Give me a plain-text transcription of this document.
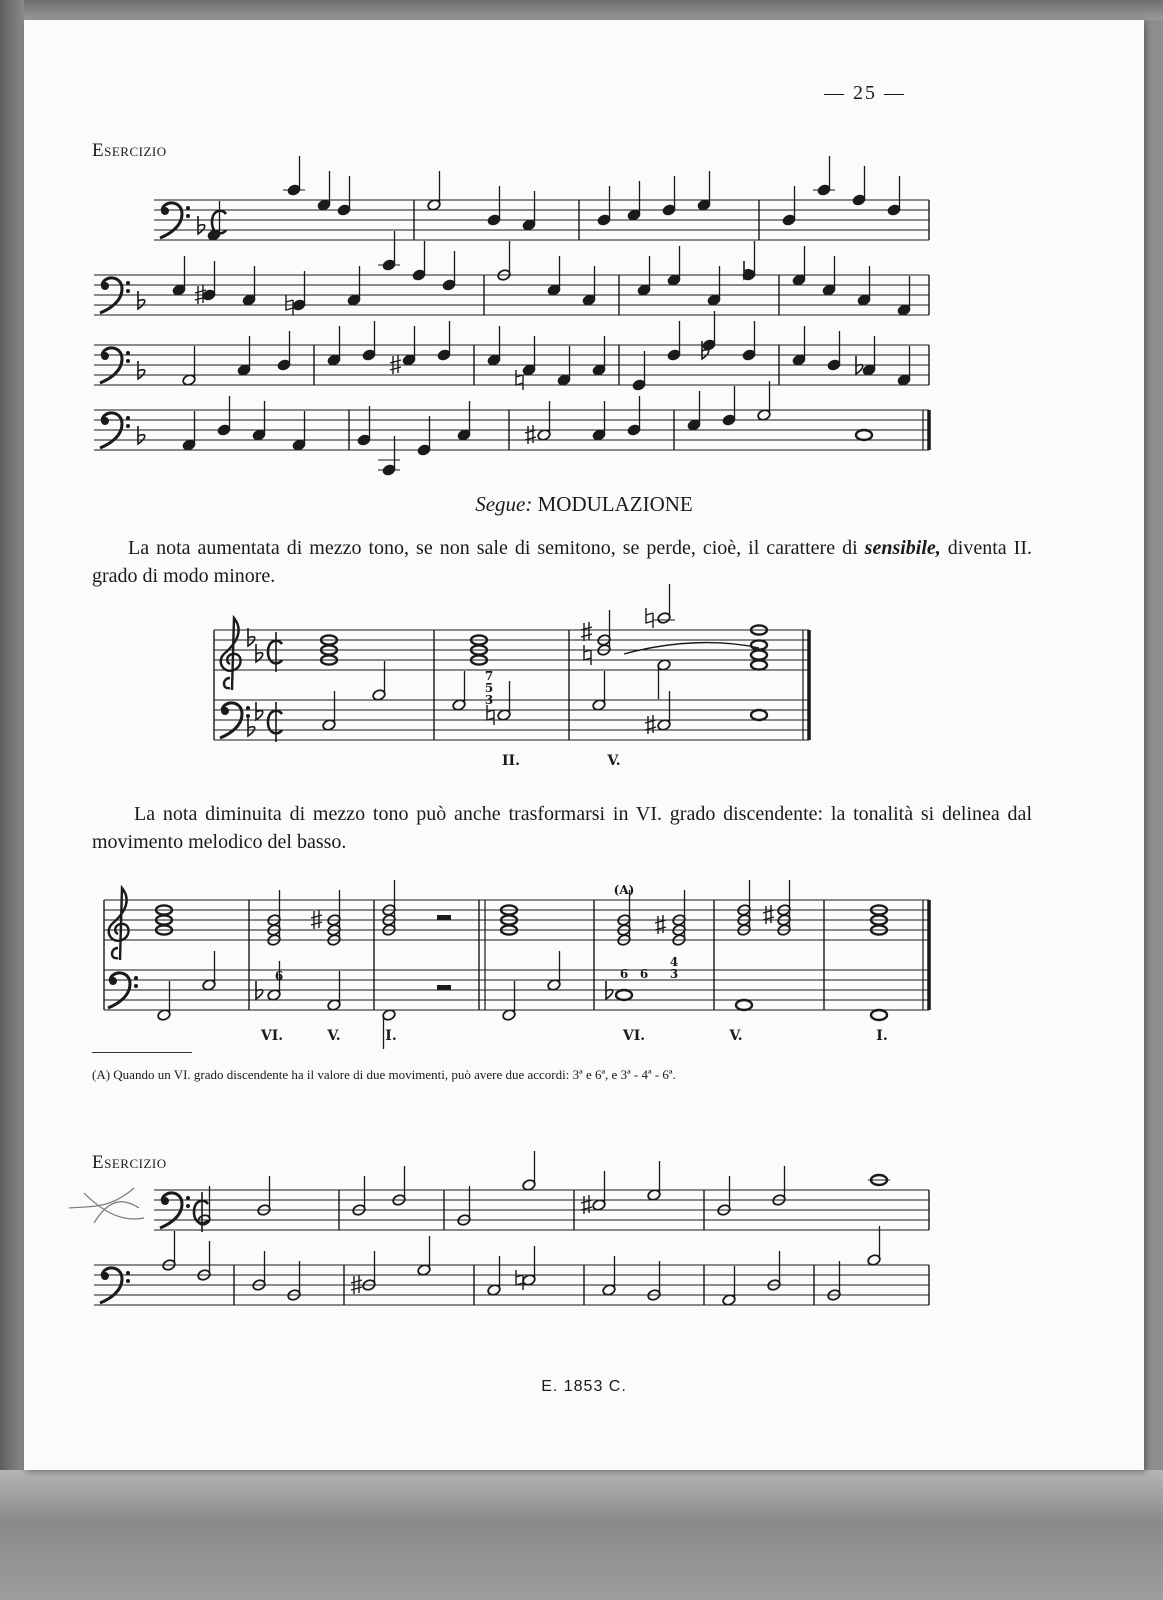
— 25 —
Esercizio
Segue: MODULAZIONE

La nota aumentata di mezzo tono, se non sale di semitono, se perde, cioè, il carattere di sensibile, diventa II. grado di modo minore.

7
5
3
II.	V.

La nota diminuita di mezzo tono può anche trasformarsi in VI. grado discendente: la tonalità si delinea dal movimento melodico del basso.

(A)
6	6
4
6 3
VI.	V.	I.	VI.	V.	I.

(A) Quando un VI. grado discendente ha il valore di due movimenti, può avere due accordi: 3ª e 6ª, e 3ª - 4ª - 6ª.

Esercizio
E. 1853 C.
